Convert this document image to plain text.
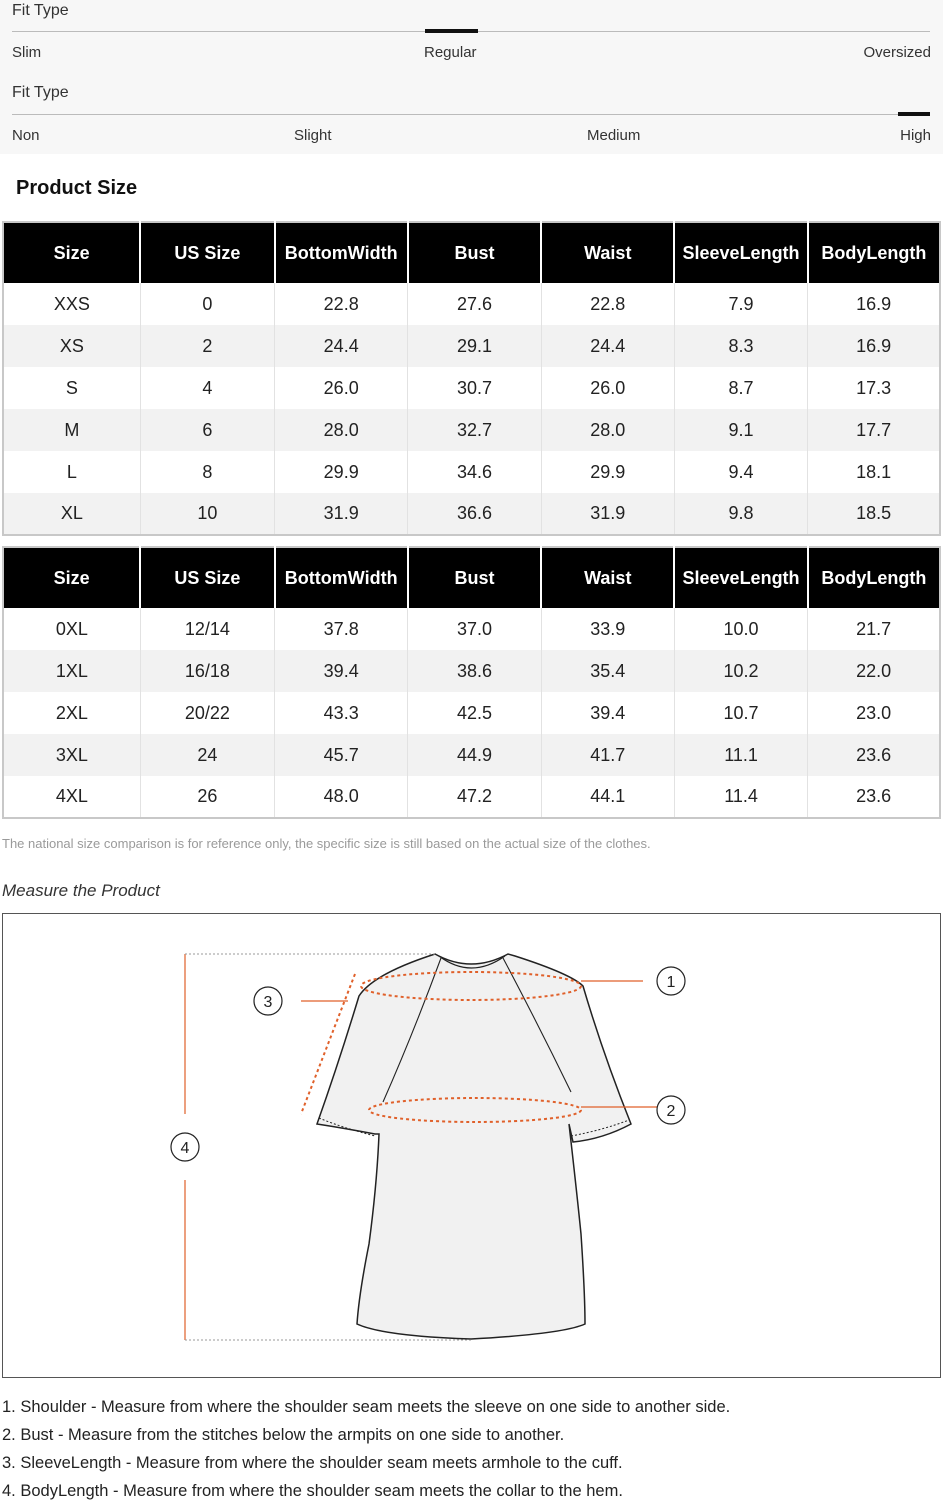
Fit Type
Slim	Regular	Oversized
Fit Type
Non	Slight	Medium	High
Product Size
Size	US Size	BottomWidth	Bust	Waist	SleeveLength	BodyLength
XXS	0	22.8	27.6	22.8	7.9	16.9
XS	2	24.4	29.1	24.4	8.3	16.9
S	4	26.0	30.7	26.0	8.7	17.3
M	6	28.0	32.7	28.0	9.1	17.7
L	8	29.9	34.6	29.9	9.4	18.1
XL	10	31.9	36.6	31.9	9.8	18.5
Size	US Size	BottomWidth	Bust	Waist	SleeveLength	BodyLength
0XL	12/14	37.8	37.0	33.9	10.0	21.7
1XL	16/18	39.4	38.6	35.4	10.2	22.0
2XL	20/22	43.3	42.5	39.4	10.7	23.0
3XL	24	45.7	44.9	41.7	11.1	23.6
4XL	26	48.0	47.2	44.1	11.4	23.6
The national size comparison is for reference only, the specific size is still based on the actual size of the clothes.
Measure the Product
1
2
3
4
1. Shoulder - Measure from where the shoulder seam meets the sleeve on one side to another side.
2. Bust - Measure from the stitches below the armpits on one side to another.
3. SleeveLength - Measure from where the shoulder seam meets armhole to the cuff.
4. BodyLength - Measure from where the shoulder seam meets the collar to the hem.
